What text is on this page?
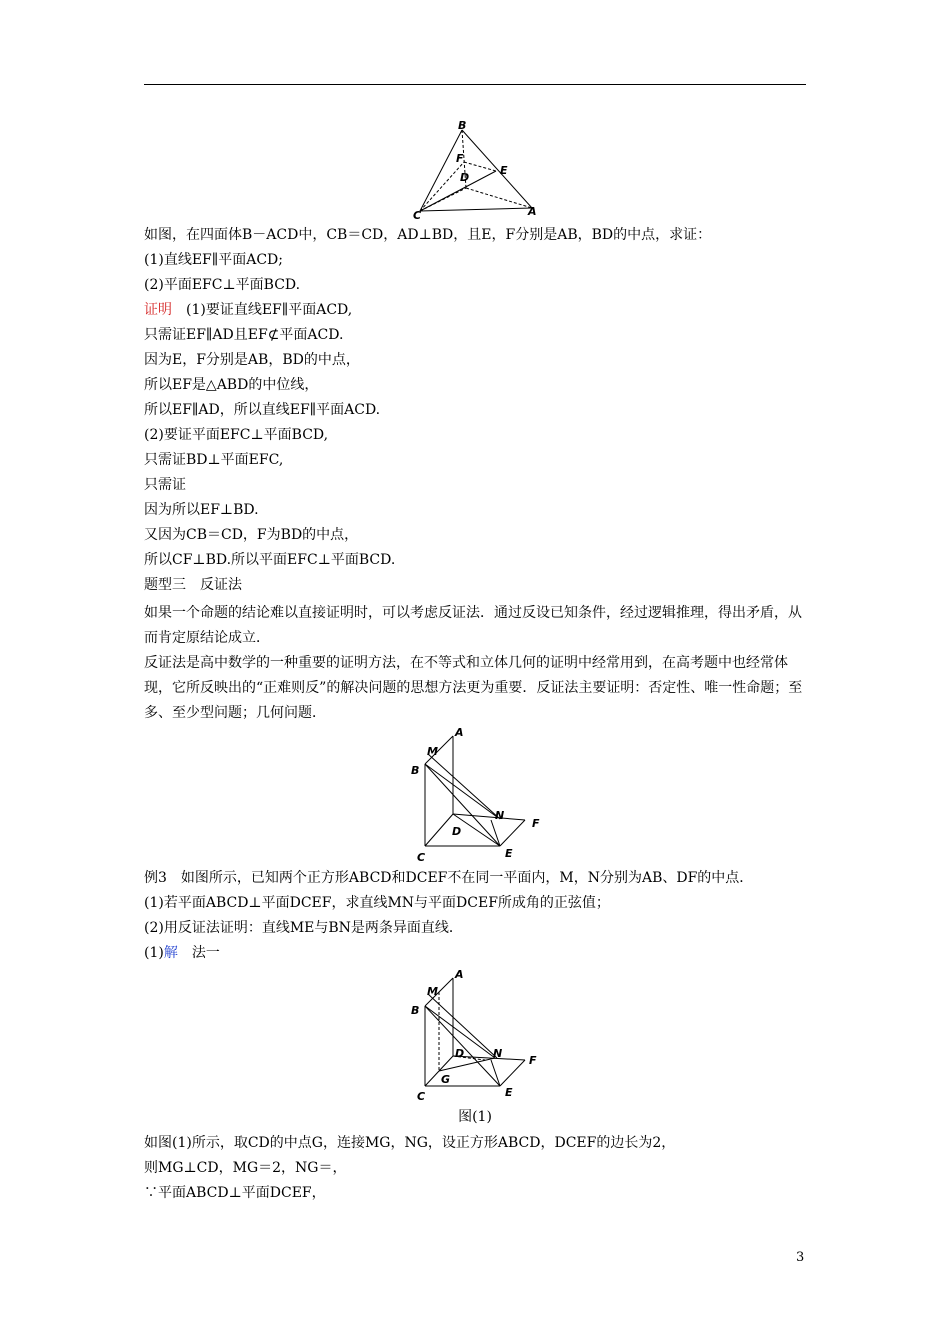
B
F
E
D
C	A
如图，在四面体B－ACD中，CB＝CD，AD⊥BD，且E，F分别是AB，BD的中点，求证：
(1)直线EF∥平面ACD;
(2)平面EFC⊥平面BCD.
证明　(1)要证直线EF∥平面ACD,
只需证EF∥AD且EF⊄平面ACD.
因为E，F分别是AB，BD的中点，
所以EF是△ABD的中位线，
所以EF∥AD，所以直线EF∥平面ACD.
(2)要证平面EFC⊥平面BCD,
只需证BD⊥平面EFC,
只需证
因为所以EF⊥BD.
又因为CB＝CD，F为BD的中点，
所以CF⊥BD.所以平面EFC⊥平面BCD.
题型三　反证法
如果一个命题的结论难以直接证明时，可以考虑反证法．通过反设已知条件，经过逻辑推理，得出矛盾，从而肯定原结论成立．
反证法是高中数学的一种重要的证明方法，在不等式和立体几何的证明中经常用到，在高考题中也经常体现，它所反映出的“正难则反”的解决问题的思想方法更为重要．反证法主要证明：否定性、唯一性命题；至多、至少型问题；几何问题．
A
M
B
N
F
D
C	E
例3　如图所示，已知两个正方形ABCD和DCEF不在同一平面内，M，N分别为AB、DF的中点．
(1)若平面ABCD⊥平面DCEF，求直线MN与平面DCEF所成角的正弦值；
(2)用反证法证明：直线ME与BN是两条异面直线．
(1)解　法一
A
M
B
D	N
F
G
C	E
图(1)
如图(1)所示，取CD的中点G，连接MG，NG，设正方形ABCD，DCEF的边长为2，
则MG⊥CD，MG＝2，NG＝，
∵平面ABCD⊥平面DCEF，
3
